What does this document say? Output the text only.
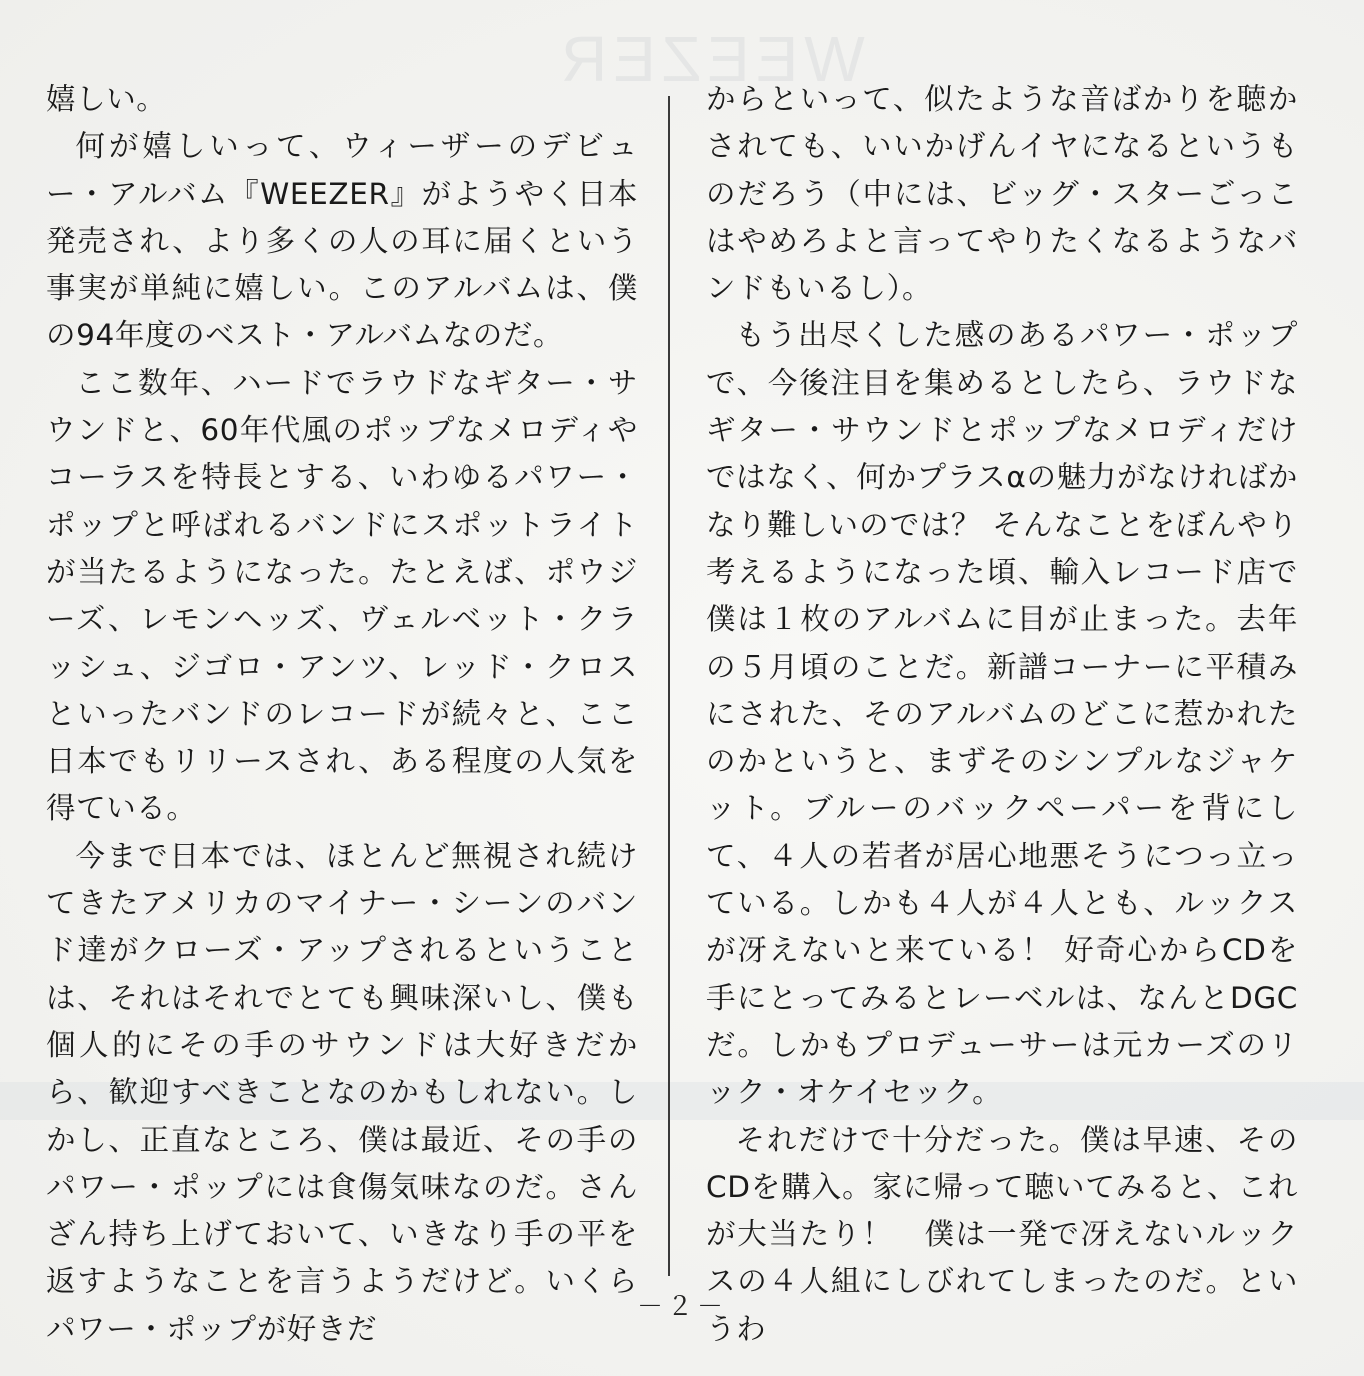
WEEZER

嬉しい。

何が嬉しいって、ウィーザーのデビュー・アルバム『WEEZER』がようやく日本発売され、より多くの人の耳に届くという事実が単純に嬉しい。このアルバムは、僕の94年度のベスト・アルバムなのだ。

ここ数年、ハードでラウドなギター・サウンドと、60年代風のポップなメロディやコーラスを特長とする、いわゆるパワー・ポップと呼ばれるバンドにスポットライトが当たるようになった。たとえば、ポウジーズ、レモンヘッズ、ヴェルベット・クラッシュ、ジゴロ・アンツ、レッド・クロスといったバンドのレコードが続々と、ここ日本でもリリースされ、ある程度の人気を得ている。

今まで日本では、ほとんど無視され続けてきたアメリカのマイナー・シーンのバンド達がクローズ・アップされるということは、それはそれでとても興味深いし、僕も個人的にその手のサウンドは大好きだから、歓迎すべきことなのかもしれない。しかし、正直なところ、僕は最近、その手のパワー・ポップには食傷気味なのだ。さんざん持ち上げておいて、いきなり手の平を返すようなことを言うようだけど。いくらパワー・ポップが好きだ

からといって、似たような音ばかりを聴かされても、いいかげんイヤになるというものだろう（中には、ビッグ・スターごっこはやめろよと言ってやりたくなるようなバンドもいるし）。

もう出尽くした感のあるパワー・ポップで、今後注目を集めるとしたら、ラウドなギター・サウンドとポップなメロディだけではなく、何かプラスαの魅力がなければかなり難しいのでは？ そんなことをぼんやり考えるようになった頃、輸入レコード店で僕は１枚のアルバムに目が止まった。去年の５月頃のことだ。新譜コーナーに平積みにされた、そのアルバムのどこに惹かれたのかというと、まずそのシンプルなジャケット。ブルーのバックペーパーを背にして、４人の若者が居心地悪そうにつっ立っている。しかも４人が４人とも、ルックスが冴えないと来ている！ 好奇心からCDを手にとってみるとレーベルは、なんとDGCだ。しかもプロデューサーは元カーズのリック・オケイセック。

それだけで十分だった。僕は早速、そのCDを購入。家に帰って聴いてみると、これが大当たり！　僕は一発で冴えないルックスの４人組にしびれてしまったのだ。というわ

－２－
